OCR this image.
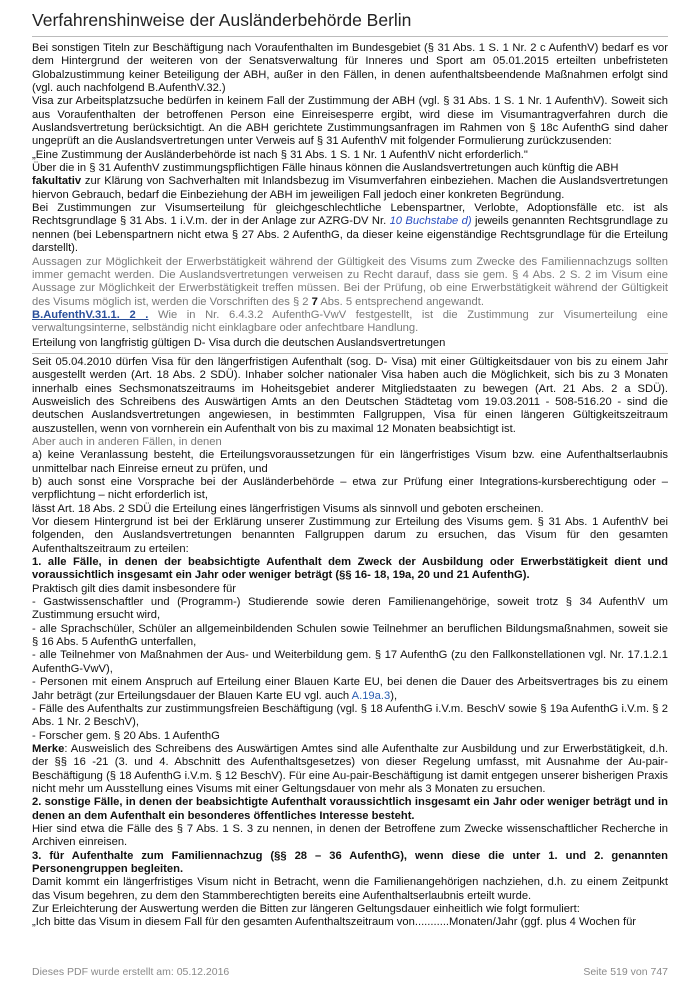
Verfahrenshinweise der Ausländerbehörde Berlin

Bei sonstigen Titeln zur Beschäftigung nach Voraufenthalten im Bundesgebiet (§ 31 Abs. 1 S. 1 Nr. 2 c AufenthV) bedarf es vor dem Hintergrund der weiteren von der Senatsverwaltung für Inneres und Sport am 05.01.2015 erteilten unbefristeten Globalzustimmung keiner Beteiligung der ABH, außer in den Fällen, in denen aufenthaltsbeendende Maßnahmen erfolgt sind (vgl. auch nachfolgend B.AufenthV.32.)

Visa zur Arbeitsplatzsuche bedürfen in keinem Fall der Zustimmung der ABH (vgl. § 31 Abs. 1 S. 1 Nr. 1 AufenthV). Soweit sich aus Voraufenthalten der betroffenen Person eine Einreisesperre ergibt, wird diese im Visumantragverfahren durch die Auslandsvertretung berücksichtigt. An die ABH gerichtete Zustimmungsanfragen im Rahmen von § 18c AufenthG sind daher ungeprüft an die Auslandsvertretungen unter Verweis auf § 31 AufenthV mit folgender Formulierung zurückzusenden:

„Eine Zustimmung der Ausländerbehörde ist nach § 31 Abs. 1 S. 1 Nr. 1 AufenthV nicht erforderlich."

Über die in § 31 AufenthV zustimmungspflichtigen Fälle hinaus können die Auslandsvertretungen auch künftig die ABH
fakultativ zur Klärung von Sachverhalten mit Inlandsbezug im Visumverfahren einbeziehen. Machen die Auslandsvertretungen hiervon Gebrauch, bedarf die Einbeziehung der ABH im jeweiligen Fall jedoch einer konkreten Begründung.

Bei Zustimmungen zur Visumserteilung für gleichgeschlechtliche Lebenspartner, Verlobte, Adoptionsfälle etc. ist als Rechtsgrundlage § 31 Abs. 1 i.V.m. der in der Anlage zur AZRG-DV Nr. 10 Buchstabe d) jeweils genannten Rechtsgrundlage zu nennen (bei Lebenspartnern nicht etwa § 27 Abs. 2 AufenthG, da dieser keine eigenständige Rechtsgrundlage für die Erteilung darstellt).

Aussagen zur Möglichkeit der Erwerbstätigkeit während der Gültigkeit des Visums zum Zwecke des Familiennachzugs sollten immer gemacht werden. Die Auslandsvertretungen verweisen zu Recht darauf, dass sie gem. § 4 Abs. 2 S. 2 im Visum eine Aussage zur Möglichkeit der Erwerbstätigkeit treffen müssen. Bei der Prüfung, ob eine Erwerbstätigkeit während der Gültigkeit des Visums möglich ist, werden die Vorschriften des § 2 7 Abs. 5 entsprechend angewandt.

B.AufenthV.31.1. 2 . Wie in Nr. 6.4.3.2 AufenthG-VwV festgestellt, ist die Zustimmung zur Visumerteilung eine verwaltungsinterne, selbständig nicht einklagbare oder anfechtbare Handlung.

Erteilung von langfristig gültigen D- Visa durch die deutschen Auslandsvertretungen

Seit 05.04.2010 dürfen Visa für den längerfristigen Aufenthalt (sog. D- Visa) mit einer Gültigkeitsdauer von bis zu einem Jahr ausgestellt werden (Art. 18 Abs. 2 SDÜ). Inhaber solcher nationaler Visa haben auch die Möglichkeit, sich bis zu 3 Monaten innerhalb eines Sechsmonatszeitraums im Hoheitsgebiet anderer Mitgliedstaaten zu bewegen (Art. 21 Abs. 2 a SDÜ). Ausweislich des Schreibens des Auswärtigen Amts an den Deutschen Städtetag vom 19.03.2011 - 508-516.20 - sind die deutschen Auslandsvertretungen angewiesen, in bestimmten Fallgruppen, Visa für einen längeren Gültigkeitszeitraum auszustellen, wenn von vornherein ein Aufenthalt von bis zu maximal 12 Monaten beabsichtigt ist.

Aber auch in anderen Fällen, in denen

a) keine Veranlassung besteht, die Erteilungsvoraussetzungen für ein längerfristiges Visum bzw. eine Aufenthaltserlaubnis unmittelbar nach Einreise erneut zu prüfen, und

b) auch sonst eine Vorsprache bei der Ausländerbehörde – etwa zur Prüfung einer Integrations-kursberechtigung oder –verpflichtung – nicht erforderlich ist,

lässt Art. 18 Abs. 2 SDÜ die Erteilung eines längerfristigen Visums als sinnvoll und geboten erscheinen.

Vor diesem Hintergrund ist bei der Erklärung unserer Zustimmung zur Erteilung des Visums gem. § 31 Abs. 1 AufenthV bei folgenden, den Auslandsvertretungen benannten Fallgruppen darum zu ersuchen, das Visum für den gesamten Aufenthaltszeitraum zu erteilen:

1. alle Fälle, in denen der beabsichtigte Aufenthalt dem Zweck der Ausbildung oder Erwerbstätigkeit dient und voraussichtlich insgesamt ein Jahr oder weniger beträgt (§§ 16- 18, 19a, 20 und 21 AufenthG).

Praktisch gilt dies damit insbesondere für

- Gastwissenschaftler und (Programm-) Studierende sowie deren Familienangehörige, soweit trotz § 34 AufenthV um Zustimmung ersucht wird,

- alle Sprachschüler, Schüler an allgemeinbildenden Schulen sowie Teilnehmer an beruflichen Bildungsmaßnahmen, soweit sie § 16 Abs. 5 AufenthG unterfallen,

- alle Teilnehmer von Maßnahmen der Aus- und Weiterbildung gem. § 17 AufenthG (zu den Fallkonstellationen vgl. Nr. 17.1.2.1 AufenthG-VwV),

- Personen mit einem Anspruch auf Erteilung einer Blauen Karte EU, bei denen die Dauer des Arbeitsvertrages bis zu einem Jahr beträgt (zur Erteilungsdauer der Blauen Karte EU vgl. auch A.19a.3),

- Fälle des Aufenthalts zur zustimmungsfreien Beschäftigung (vgl. § 18 AufenthG i.V.m. BeschV sowie § 19a AufenthG i.V.m. § 2 Abs. 1 Nr. 2 BeschV),

- Forscher gem. § 20 Abs. 1 AufenthG

Merke: Ausweislich des Schreibens des Auswärtigen Amtes sind alle Aufenthalte zur Ausbildung und zur Erwerbstätigkeit, d.h. der §§ 16 -21 (3. und 4. Abschnitt des Aufenthaltsgesetzes) von dieser Regelung umfasst, mit Ausnahme der Au-pair-Beschäftigung (§ 18 AufenthG i.V.m. § 12 BeschV). Für eine Au-pair-Beschäftigung ist damit entgegen unserer bisherigen Praxis nicht mehr um Ausstellung eines Visums mit einer Geltungsdauer von mehr als 3 Monaten zu ersuchen.

2. sonstige Fälle, in denen der beabsichtigte Aufenthalt voraussichtlich insgesamt ein Jahr oder weniger beträgt und in denen an dem Aufenthalt ein besonderes öffentliches Interesse besteht.

Hier sind etwa die Fälle des § 7 Abs. 1 S. 3 zu nennen, in denen der Betroffene zum Zwecke wissenschaftlicher Recherche in Archiven einreisen.

3. für Aufenthalte zum Familiennachzug (§§ 28 – 36 AufenthG), wenn diese die unter 1. und 2. genannten Personengruppen begleiten.

Damit kommt ein längerfristiges Visum nicht in Betracht, wenn die Familienangehörigen nachziehen, d.h. zu einem Zeitpunkt das Visum begehren, zu dem den Stammberechtigten bereits eine Aufenthaltserlaubnis erteilt wurde.

Zur Erleichterung der Auswertung werden die Bitten zur längeren Geltungsdauer einheitlich wie folgt formuliert:

„Ich bitte das Visum in diesem Fall für den gesamten Aufenthaltszeitraum von...........Monaten/Jahr (ggf. plus 4 Wochen für

Dieses PDF wurde erstellt am: 05.12.2016	Seite 519 von 747
